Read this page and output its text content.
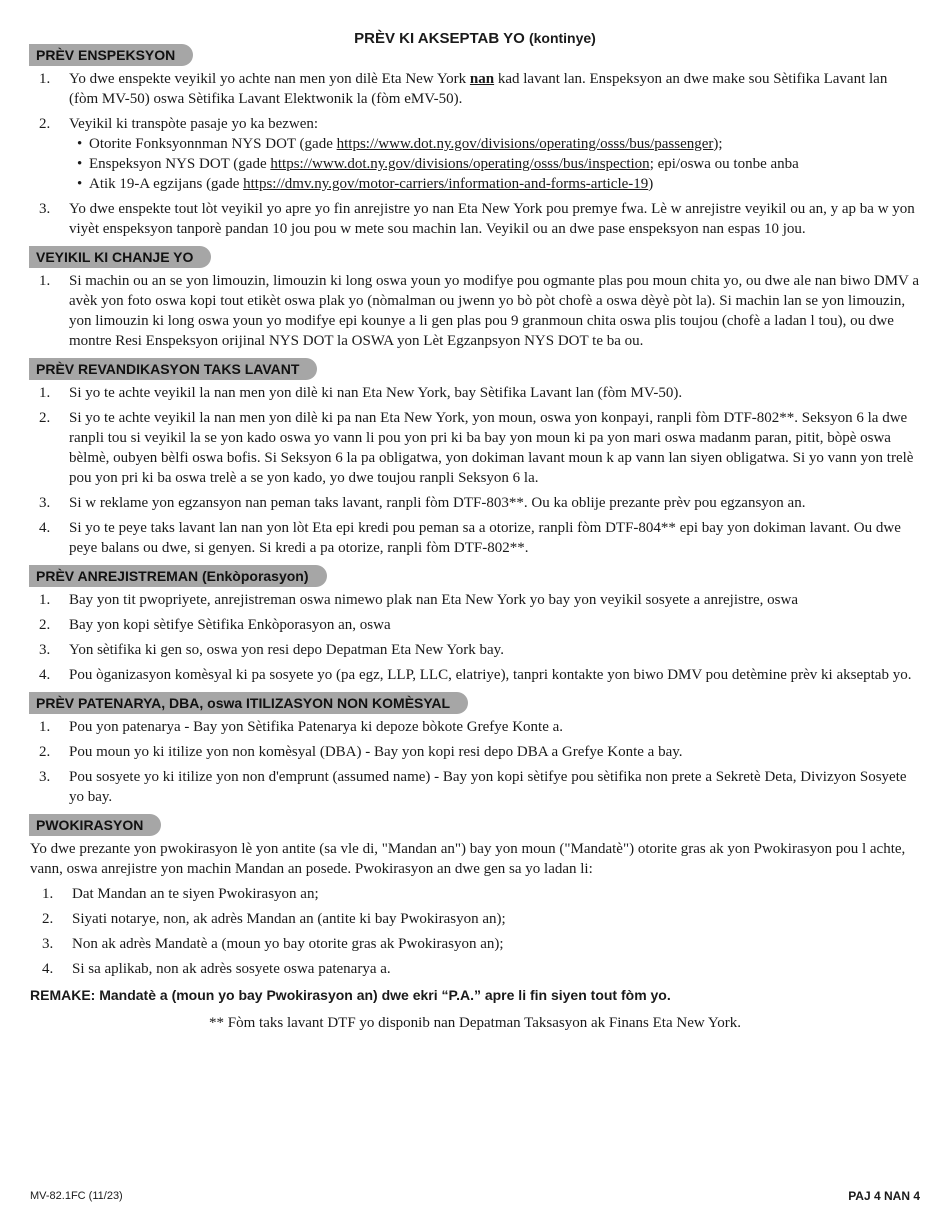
PRÈV KI AKSEPTAB YO (kontinye)
PRÈV ENSPEKSYON
1. Yo dwe enspekte veyikil yo achte nan men yon dilè Eta New York nan kad lavant lan. Enspeksyon an dwe make sou Sètifika Lavant lan (fòm MV-50) oswa Sètifika Lavant Elektwonik la (fòm eMV-50).
2. Veyikil ki transpòte pasaje yo ka bezwen:
• Otorite Fonksyonnman NYS DOT (gade https://www.dot.ny.gov/divisions/operating/osss/bus/passenger);
• Enspeksyon NYS DOT (gade https://www.dot.ny.gov/divisions/operating/osss/bus/inspection; epi/oswa ou tonbe anba
• Atik 19-A egzijans (gade https://dmv.ny.gov/motor-carriers/information-and-forms-article-19)
3. Yo dwe enspekte tout lòt veyikil yo apre yo fin anrejistre yo nan Eta New York pou premye fwa. Lè w anrejistre veyikil ou an, y ap ba w yon viyèt enspeksyon tanporè pandan 10 jou pou w mete sou machin lan. Veyikil ou an dwe pase enspeksyon nan espas 10 jou.
VEYIKIL KI CHANJE YO
1. Si machin ou an se yon limouzin, limouzin ki long oswa youn yo modifye pou ogmante plas pou moun chita yo, ou dwe ale nan biwo DMV a avèk yon foto oswa kopi tout etikèt oswa plak yo (nòmalman ou jwenn yo bò pòt chofè a oswa dèyè pòt la). Si machin lan se yon limouzin, yon limouzin ki long oswa youn yo modifye epi kounye a li gen plas pou 9 granmoun chita oswa plis toujou (chofè a ladan l tou), ou dwe montre Resi Enspeksyon orijinal NYS DOT la OSWA yon Lèt Egzanpsyon NYS DOT te ba ou.
PRÈV REVANDIKASYON TAKS LAVANT
1. Si yo te achte veyikil la nan men yon dilè ki nan Eta New York, bay Sètifika Lavant lan (fòm MV-50).
2. Si yo te achte veyikil la nan men yon dilè ki pa nan Eta New York, yon moun, oswa yon konpayi, ranpli fòm DTF-802**. Seksyon 6 la dwe ranpli tou si veyikil la se yon kado oswa yo vann li pou yon pri ki ba bay yon moun ki pa yon mari oswa madanm paran, pitit, bòpè oswa bèlmè, oubyen bèlfi oswa bofis. Si Seksyon 6 la pa obligatwa, yon dokiman lavant moun k ap vann lan siyen obligatwa. Si yo vann yon trelè pou yon pri ki ba oswa trelè a se yon kado, yo dwe toujou ranpli Seksyon 6 la.
3. Si w reklame yon egzansyon nan peman taks lavant, ranpli fòm DTF-803**. Ou ka oblije prezante prèv pou egzansyon an.
4. Si yo te peye taks lavant lan nan yon lòt Eta epi kredi pou peman sa a otorize, ranpli fòm DTF-804** epi bay yon dokiman lavant. Ou dwe peye balans ou dwe, si genyen. Si kredi a pa otorize, ranpli fòm DTF-802**.
PRÈV ANREJISTREMAN (Enkòporasyon)
1. Bay yon tit pwopriyete, anrejistreman oswa nimewo plak nan Eta New York yo bay yon veyikil sosyete a anrejistre, oswa
2. Bay yon kopi sètifye Sètifika Enkòporasyon an, oswa
3. Yon sètifika ki gen so, oswa yon resi depo Depatman Eta New York bay.
4. Pou òganizasyon komèsyal ki pa sosyete yo (pa egz, LLP, LLC, elatriye), tanpri kontakte yon biwo DMV pou detèmine prèv ki akseptab yo.
PRÈV PATENARYA, DBA, oswa ITILIZASYON NON KOMÈSYAL
1. Pou yon patenarya - Bay yon Sètifika Patenarya ki depoze bòkote Grefye Konte a.
2. Pou moun yo ki itilize yon non komèsyal (DBA) - Bay yon kopi resi depo DBA a Grefye Konte a bay.
3. Pou sosyete yo ki itilize yon non d'emprunt (assumed name) - Bay yon kopi sètifye pou sètifika non prete a Sekretè Deta, Divizyon Sosyete yo bay.
PWOKIRASYON

Yo dwe prezante yon pwokirasyon lè yon antite (sa vle di, "Mandan an") bay yon moun ("Mandatè") otorite gras ak yon Pwokirasyon pou l achte, vann, oswa anrejistre yon machin Mandan an posede. Pwokirasyon an dwe gen sa yo ladan li:

1. Dat Mandan an te siyen Pwokirasyon an;
2. Siyati notarye, non, ak adrès Mandan an (antite ki bay Pwokirasyon an);
3. Non ak adrès Mandatè a (moun yo bay otorite gras ak Pwokirasyon an);
4. Si sa aplikab, non ak adrès sosyete oswa patenarya a.
REMAKE: Mandatè a (moun yo bay Pwokirasyon an) dwe ekri “P.A.” apre li fin siyen tout fòm yo.
** Fòm taks lavant DTF yo disponib nan Depatman Taksasyon ak Finans Eta New York.
MV-82.1FC (11/23)	PAJ 4 NAN 4
